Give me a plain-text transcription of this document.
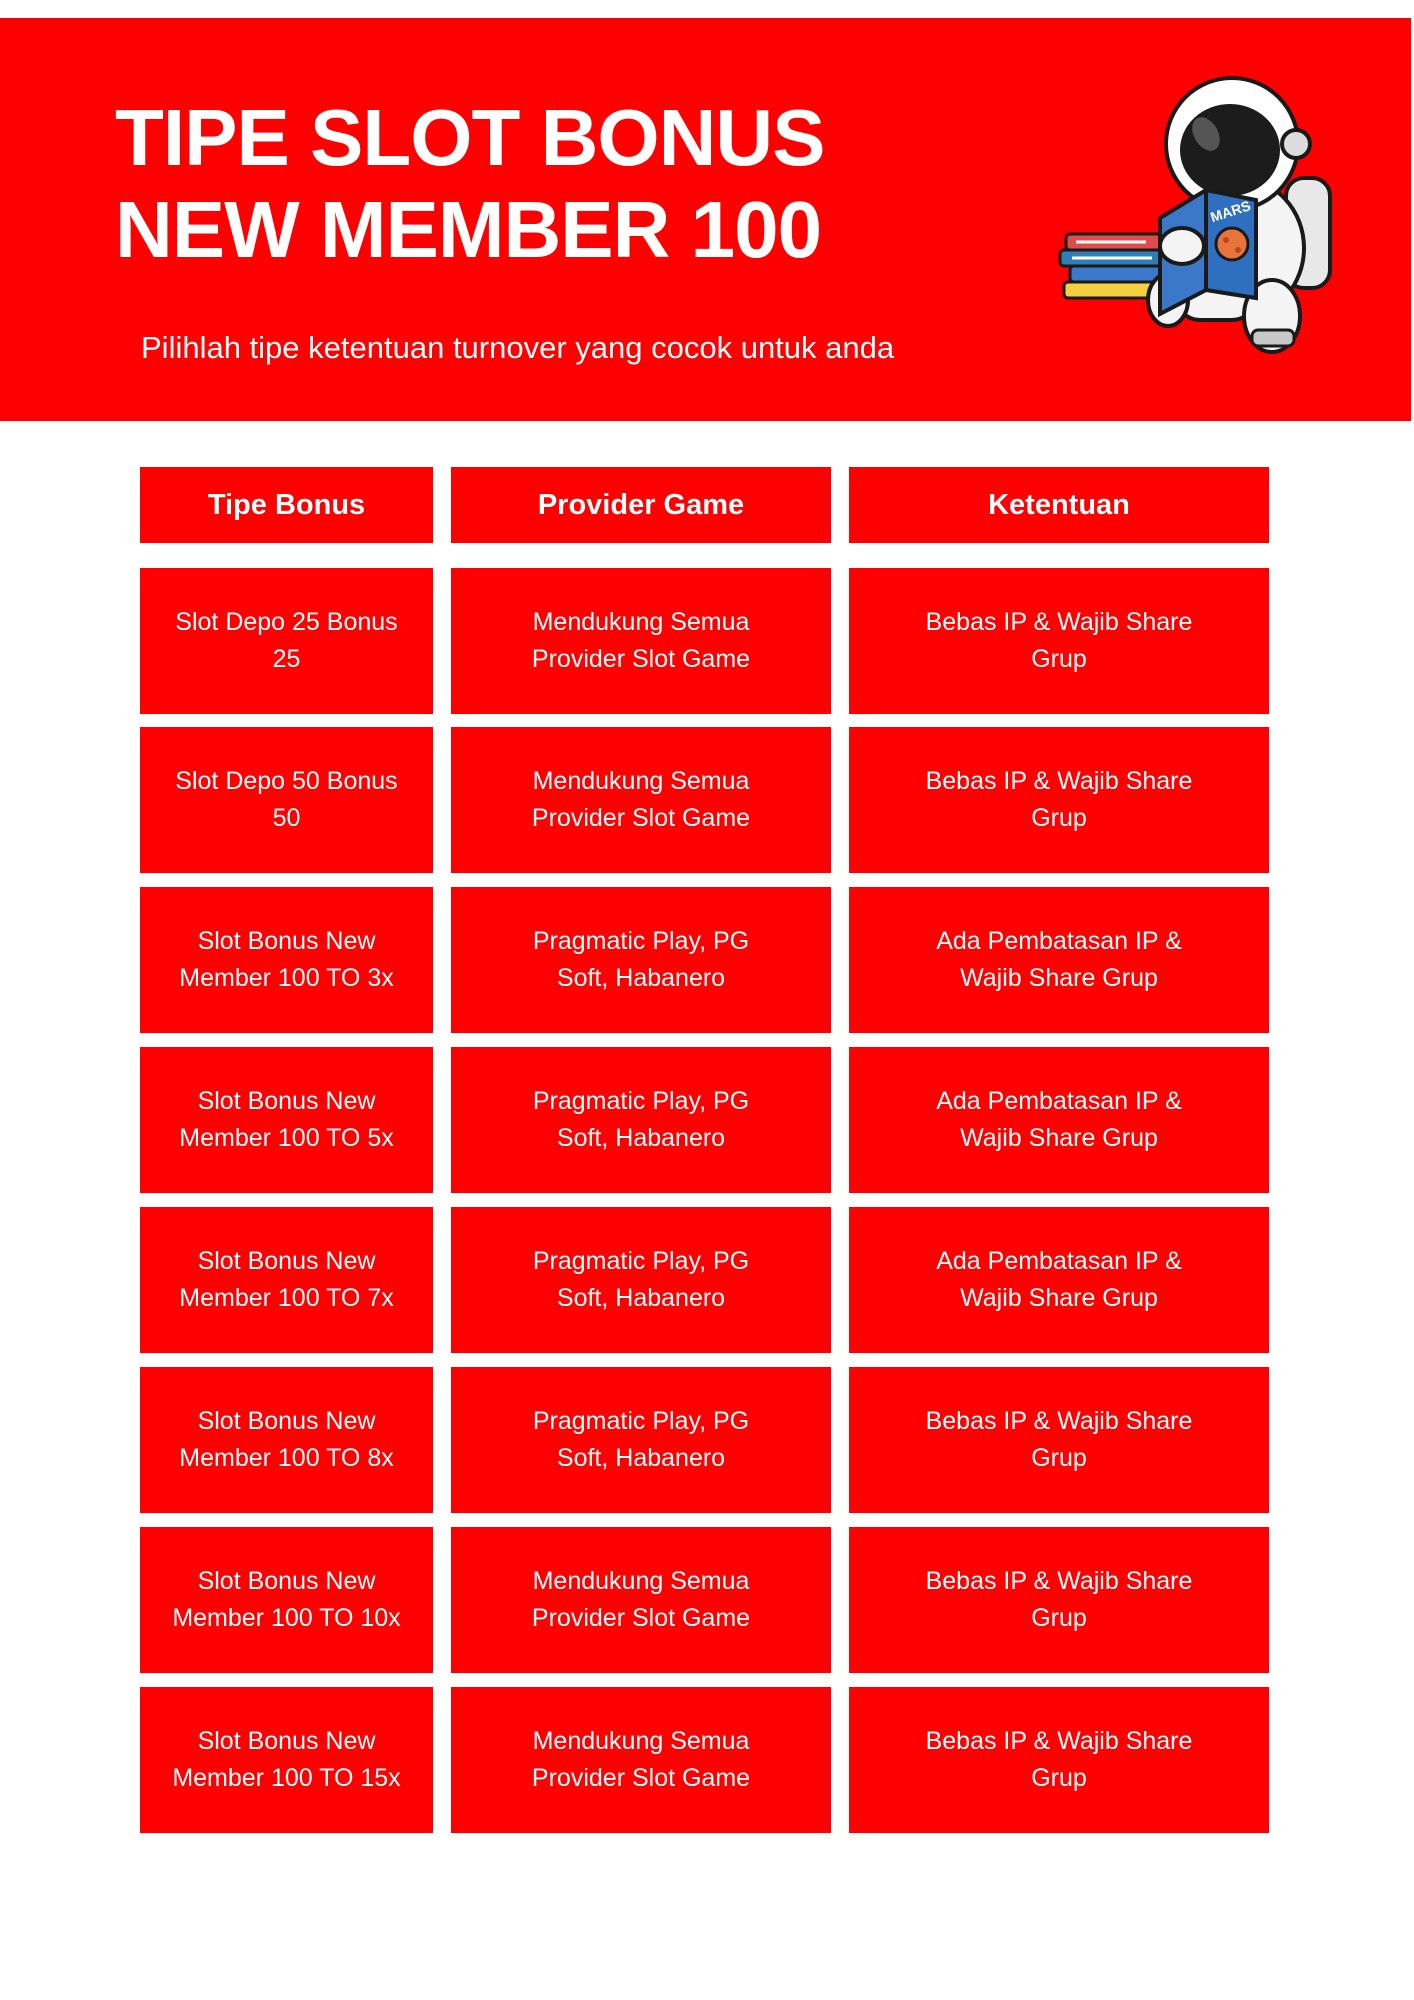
TIPE SLOT BONUS
NEW MEMBER 100

Pilihlah tipe ketentuan turnover yang cocok untuk anda

MARS
Tipe Bonus	Provider Game	Ketentuan
Slot Depo 25 Bonus 25
Mendukung Semua Provider Slot Game
Bebas IP & Wajib Share Grup
Slot Depo 50 Bonus 50
Mendukung Semua Provider Slot Game
Bebas IP & Wajib Share Grup
Slot Bonus New Member 100 TO 3x
Pragmatic Play, PG Soft, Habanero
Ada Pembatasan IP & Wajib Share Grup
Slot Bonus New Member 100 TO 5x
Pragmatic Play, PG Soft, Habanero
Ada Pembatasan IP & Wajib Share Grup
Slot Bonus New Member 100 TO 7x
Pragmatic Play, PG Soft, Habanero
Ada Pembatasan IP & Wajib Share Grup
Slot Bonus New Member 100 TO 8x
Pragmatic Play, PG Soft, Habanero
Bebas IP & Wajib Share Grup
Slot Bonus New Member 100 TO 10x
Mendukung Semua Provider Slot Game
Bebas IP & Wajib Share Grup
Slot Bonus New Member 100 TO 15x
Mendukung Semua Provider Slot Game
Bebas IP & Wajib Share Grup
